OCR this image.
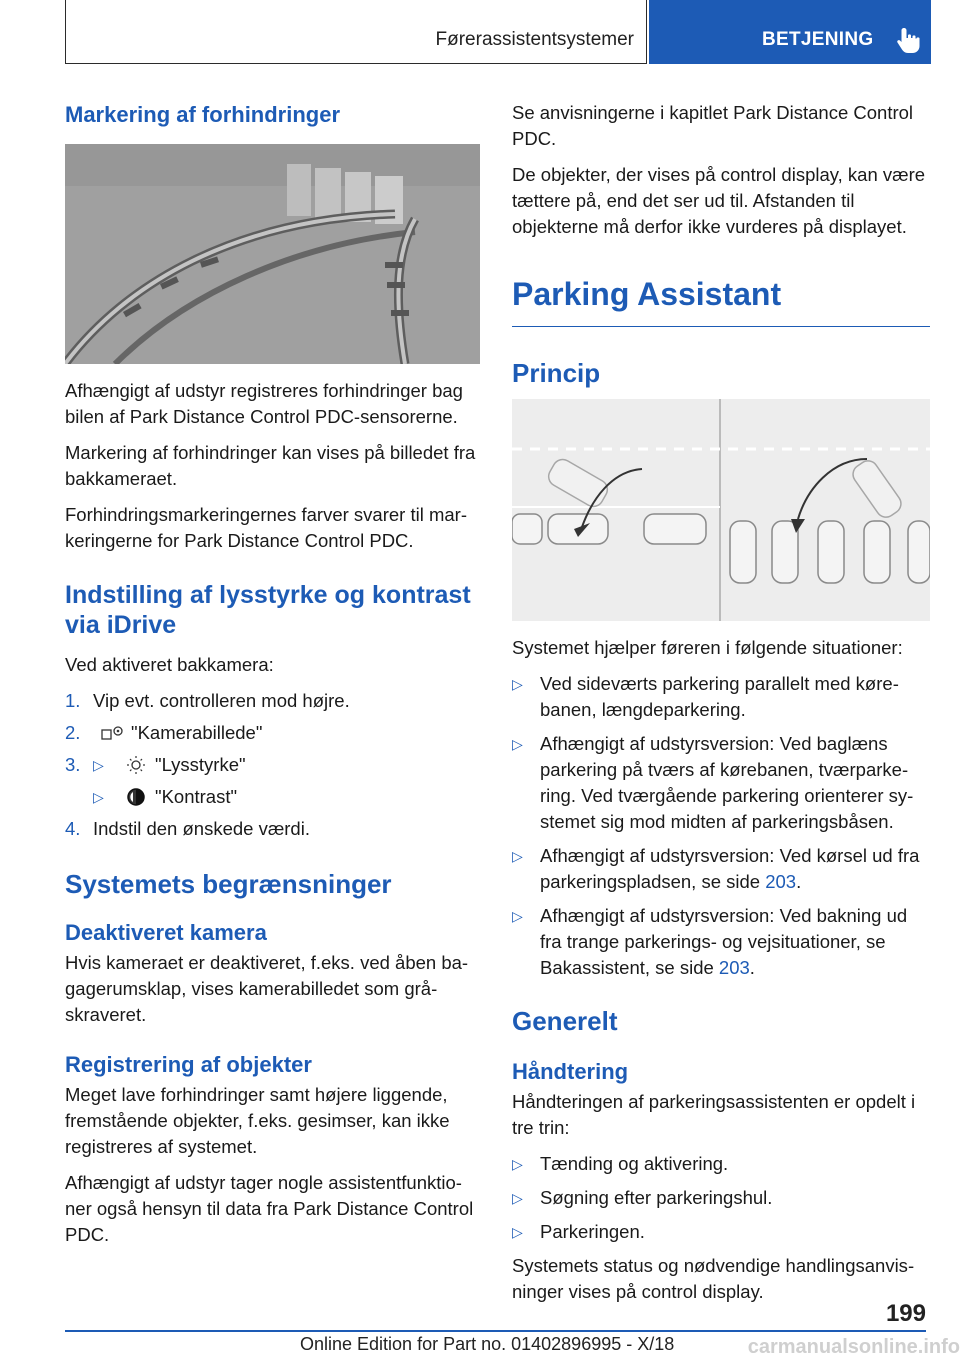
Førerassistentsystemer	BETJENING
Markering af forhindringer

Afhængigt af udstyr registreres forhindringer bag bilen af Park Distance Control PDC-sensorerne.

Markering af forhindringer kan vises på billedet fra bakkameraet.

Forhindringsmarkeringernes farver svarer til markeringerne for Park Distance Control PDC.

Indstilling af lysstyrke og kontrast via iDrive

Ved aktiveret bakkamera:

1. Vip evt. controlleren mod højre.
2.	"Kamerabillede"
3. ▷	"Lysstyrke"
▷	"Kontrast"
4. Indstil den ønskede værdi.
Systemets begrænsninger
Deaktiveret kamera

Hvis kameraet er deaktiveret, f.eks. ved åben bagagerumsklap, vises kamerabilledet som gråskraveret.

Registrering af objekter

Meget lave forhindringer samt højere liggende, fremstående objekter, f.eks. gesimser, kan ikke registreres af systemet.

Afhængigt af udstyr tager nogle assistentfunktioner også hensyn til data fra Park Distance Control PDC.

Se anvisningerne i kapitlet Park Distance Control PDC.

De objekter, der vises på control display, kan være tættere på, end det ser ud til. Afstanden til objekterne må derfor ikke vurderes på displayet.

Parking Assistant
Princip

Systemet hjælper føreren i følgende situationer:

▷ Ved sideværts parkering parallelt med kørebanen, længdeparkering.
▷ Afhængigt af udstyrsversion: Ved baglæns parkering på tværs af kørebanen, tværparkering. Ved tværgående parkering orienterer systemet sig mod midten af parkeringsbåsen.
▷ Afhængigt af udstyrsversion: Ved kørsel ud fra parkeringspladsen, se side 203.
▷ Afhængigt af udstyrsversion: Ved bakning ud fra trange parkerings- og vejsituationer, se Bakassistent, se side 203.
Generelt
Håndtering

Håndteringen af parkeringsassistenten er opdelt i tre trin:

▷ Tænding og aktivering.
▷ Søgning efter parkeringshul.
▷ Parkeringen.

Systemets status og nødvendige handlingsanvisninger vises på control display.

199
Online Edition for Part no. 01402896995 - X/18	carmanualsonline.info
